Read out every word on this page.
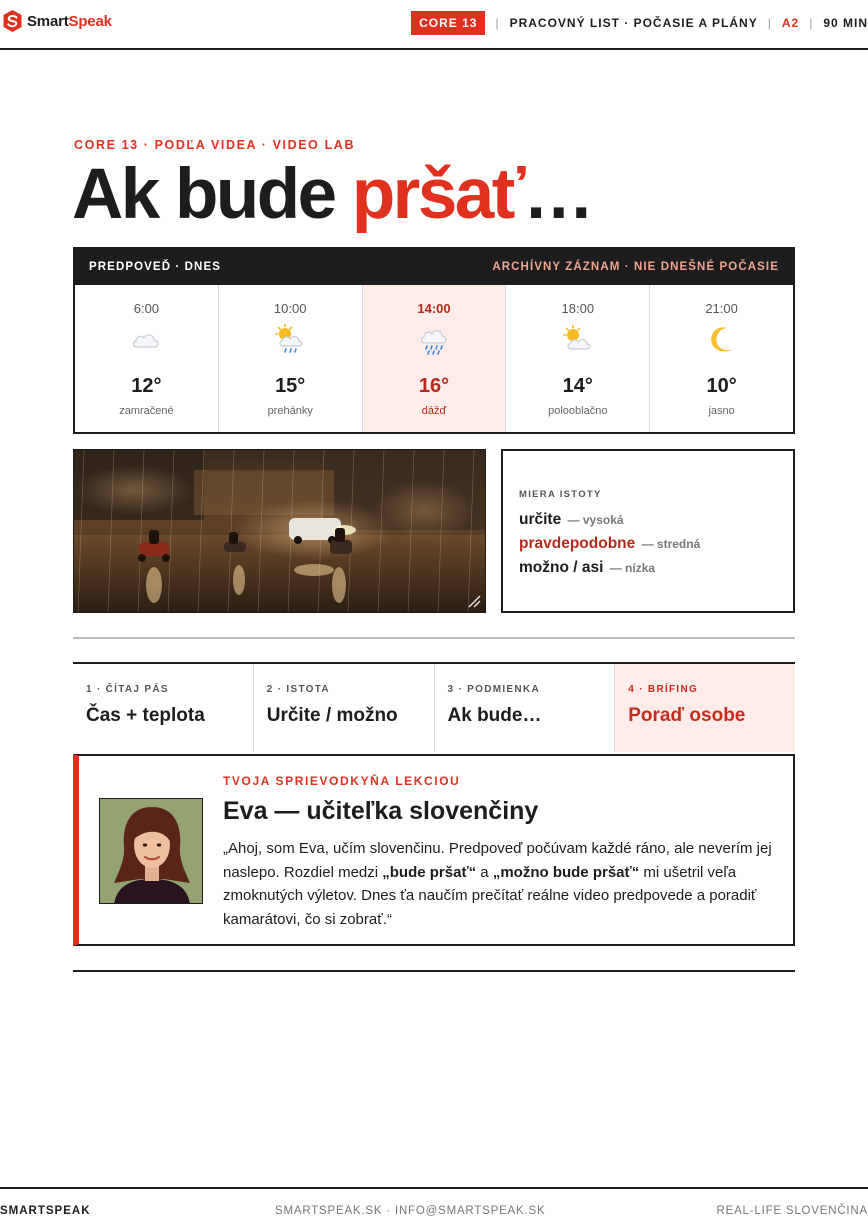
SmartSpeak	CORE 13	| PRACOVNÝ LIST · POČASIE A PLÁNY | A2 | 90 MIN
CORE 13 · PODĽA VIDEA · VIDEO LAB
Ak bude pršať…
PREDPOVEĎ · DNES	ARCHÍVNY ZÁZNAM · NIE DNEŠNÉ POČASIE
6:00
12°
zamračené
10:00
15°
prehánky
14:00
16°
dážď
18:00
14°
polooblačno
21:00
10°
jasno
MIERA ISTOTY
určite — vysoká
pravdepodobne — stredná
možno / asi — nízka
1 · ČÍTAJ PÁS
Čas + teplota
2 · ISTOTA
Určite / možno
3 · PODMIENKA
Ak bude…
4 · BRÍFING
Poraď osobe
TVOJA SPRIEVODKYŇA LEKCIOU
Eva — učiteľka slovenčiny

„Ahoj, som Eva, učím slovenčinu. Predpoveď počúvam každé ráno, ale neverím jej naslepo. Rozdiel medzi „bude pršať“ a „možno bude pršať“ mi ušetril veľa zmoknutých výletov. Dnes ťa naučím prečítať reálne video predpovede a poradiť kamarátovi, čo si zobrať.“

SMARTSPEAK	SMARTSPEAK.SK · INFO@SMARTSPEAK.SK	REAL-LIFE SLOVENČINA
